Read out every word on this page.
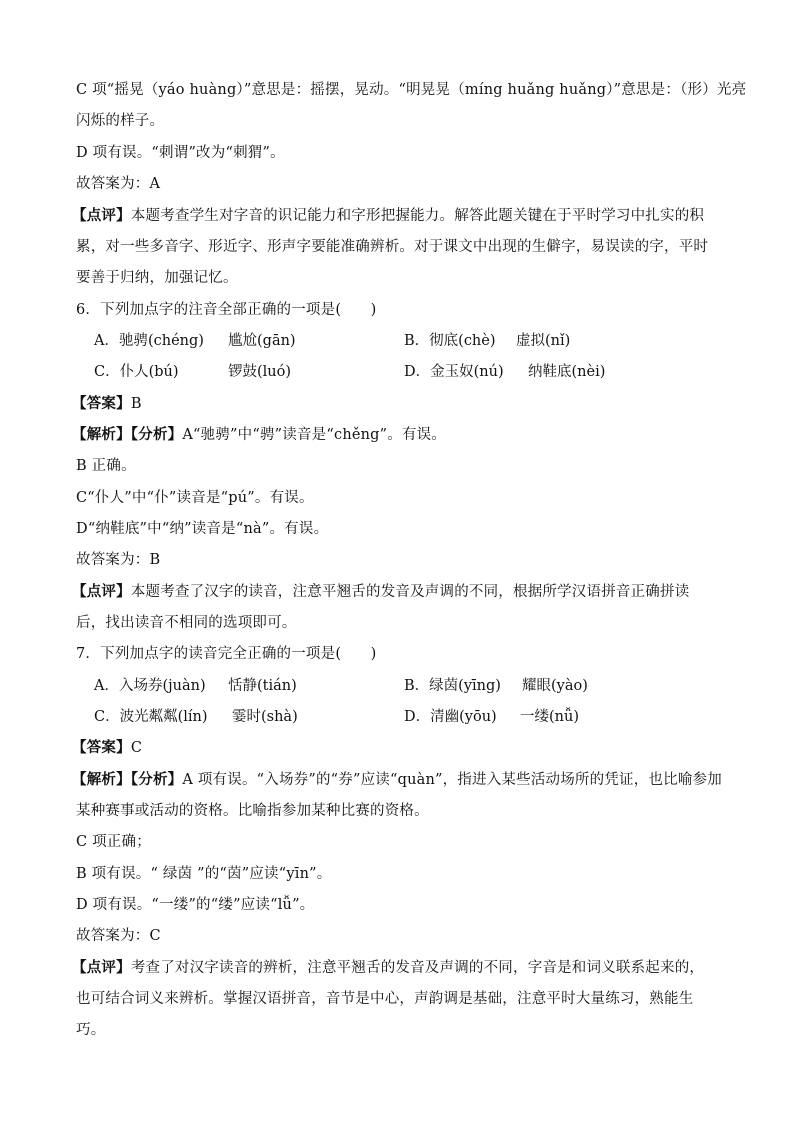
C 项“摇晃（yáo huàng）”意思是：摇摆，晃动。“明晃晃（míng huǎng huǎng）”意思是：（形）光亮
闪烁的样子。
D 项有误。“刺谓”改为“刺猬”。
故答案为：A
【点评】本题考查学生对字音的识记能力和字形把握能力。解答此题关键在于平时学习中扎实的积
累，对一些多音字、形近字、形声字要能准确辨析。对于课文中出现的生僻字，易误读的字，平时
要善于归纳，加强记忆。
6．下列加点字的注音全部正确的一项是(　　)
A．驰骋(chéng) 尴尬(gān)	B．彻底(chè) 虚拟(nǐ)
C．仆人(bú)	锣鼓(luó)	D．金玉奴(nú) 纳鞋底(nèi)
【答案】B
【解析】【分析】A“驰骋”中“骋”读音是“chěng”。有误。
B 正确。
C“仆人”中“仆”读音是“pú”。有误。
D“纳鞋底”中“纳”读音是“nà”。有误。
故答案为：B
【点评】本题考查了汉字的读音，注意平翘舌的发音及声调的不同，根据所学汉语拼音正确拼读
后，找出读音不相同的选项即可。
7．下列加点字的读音完全正确的一项是(　　)
A．入场券(juàn) 恬静(tián)	B．绿茵(yīng) 耀眼(yào)
C．波光粼粼(lín) 霎时(shà)	D．清幽(yōu) 一缕(nǚ)
【答案】C
【解析】【分析】A 项有误。“入场券”的“券”应读“quàn”，指进入某些活动场所的凭证，也比喻参加
某种赛事或活动的资格。比喻指参加某种比赛的资格。
C 项正确；
B 项有误。“ 绿茵 ”的“茵”应读“yīn”。
D 项有误。“一缕”的“缕”应读“lǚ”。
故答案为：C
【点评】考查了对汉字读音的辨析，注意平翘舌的发音及声调的不同，字音是和词义联系起来的，
也可结合词义来辨析。掌握汉语拼音，音节是中心，声韵调是基础，注意平时大量练习，熟能生
巧。
